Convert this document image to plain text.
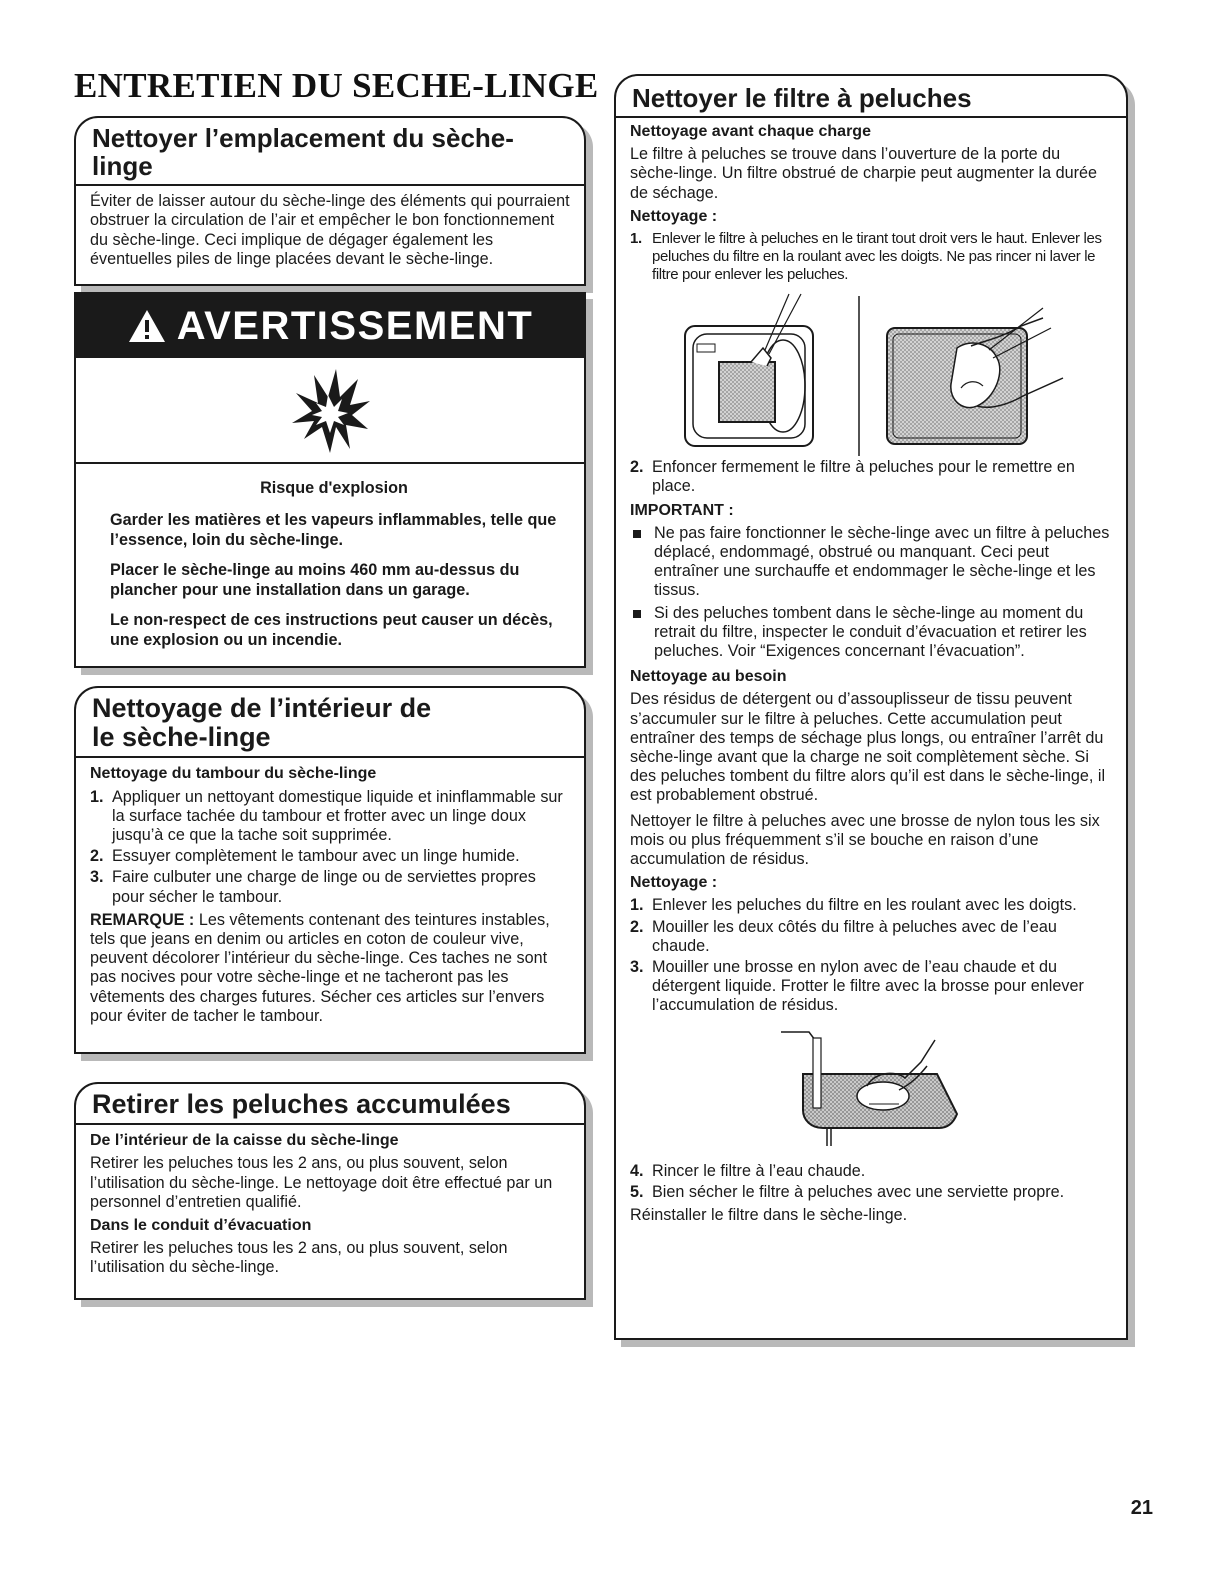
ENTRETIEN DU SECHE-LINGE
Nettoyer l’emplacement du sèche-linge

Éviter de laisser autour du sèche-linge des éléments qui pourraient obstruer la circulation de l’air et empêcher le bon fonctionnement du sèche-linge. Ceci implique de dégager également les éventuelles piles de linge placées devant le sèche-linge.

AVERTISSEMENT

Risque d'explosion

Garder les matières et les vapeurs inflammables, telle que l’essence, loin du sèche-linge.

Placer le sèche-linge au moins 460 mm au-dessus du plancher pour une installation dans un garage.

Le non-respect de ces instructions peut causer un décès, une explosion ou un incendie.

Nettoyage de l’intérieur de
le sèche-linge

Nettoyage du tambour du sèche-linge

1. Appliquer un nettoyant domestique liquide et ininflammable sur la surface tachée du tambour et frotter avec un linge doux jusqu’à ce que la tache soit supprimée.
2. Essuyer complètement le tambour avec un linge humide.
3. Faire culbuter une charge de linge ou de serviettes propres pour sécher le tambour.

REMARQUE : Les vêtements contenant des teintures instables, tels que jeans en denim ou articles en coton de couleur vive, peuvent décolorer l’intérieur du sèche-linge. Ces taches ne sont pas nocives pour votre sèche-linge et ne tacheront pas les vêtements des charges futures. Sécher ces articles sur l’envers pour éviter de tacher le tambour.

Retirer les peluches accumulées

De l’intérieur de la caisse du sèche-linge

Retirer les peluches tous les 2 ans, ou plus souvent, selon l’utilisation du sèche-linge. Le nettoyage doit être effectué par un personnel d’entretien qualifié.

Dans le conduit d’évacuation

Retirer les peluches tous les 2 ans, ou plus souvent, selon l’utilisation du sèche-linge.

Nettoyer le filtre à peluches

Nettoyage avant chaque charge

Le filtre à peluches se trouve dans l’ouverture de la porte du sèche-linge. Un filtre obstrué de charpie peut augmenter la durée de séchage.

Nettoyage :

1. Enlever le filtre à peluches en le tirant tout droit vers le haut. Enlever les peluches du filtre en la roulant avec les doigts. Ne pas rincer ni laver le filtre pour enlever les peluches.
2. Enfoncer fermement le filtre à peluches pour le remettre en place.

IMPORTANT :

Ne pas faire fonctionner le sèche-linge avec un filtre à peluches déplacé, endommagé, obstrué ou manquant. Ceci peut entraîner une surchauffe et endommager le sèche-linge et les tissus.
Si des peluches tombent dans le sèche-linge au moment du retrait du filtre, inspecter le conduit d’évacuation et retirer les peluches. Voir “Exigences concernant l’évacuation”.

Nettoyage au besoin

Des résidus de détergent ou d’assouplisseur de tissu peuvent s’accumuler sur le filtre à peluches. Cette accumulation peut entraîner des temps de séchage plus longs, ou entraîner l’arrêt du sèche-linge avant que la charge ne soit complètement sèche. Si des peluches tombent du filtre alors qu’il est dans le sèche-linge, il est probablement obstrué.

Nettoyer le filtre à peluches avec une brosse de nylon tous les six mois ou plus fréquemment s’il se bouche en raison d’une accumulation de résidus.

Nettoyage :

1. Enlever les peluches du filtre en les roulant avec les doigts.
2. Mouiller les deux côtés du filtre à peluches avec de l’eau chaude.
3. Mouiller une brosse en nylon avec de l’eau chaude et du détergent liquide. Frotter le filtre avec la brosse pour enlever l’accumulation de résidus.
4. Rincer le filtre à l’eau chaude.
5. Bien sécher le filtre à peluches avec une serviette propre.

Réinstaller le filtre dans le sèche-linge.

21
